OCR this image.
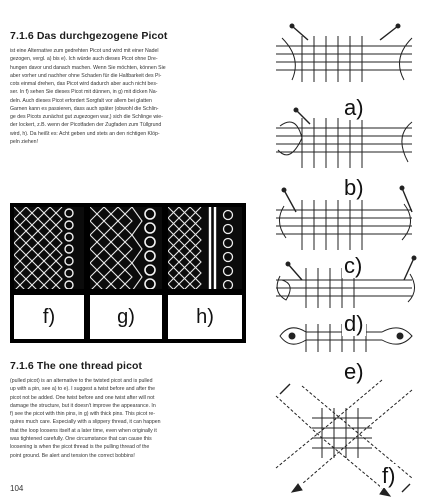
7.1.6 Das durchgezogene Picot
ist eine Alternative zum gedrehten Picot und wird mit einer Nadel
gezogen, vergl. a) bis e). Ich würde auch dieses Picot ohne Dre-
hungen davor und danach machen. Wenn Sie möchten, können Sie
aber vorher und nachher ohne Schaden für die Haltbarkeit des Pi-
cots einmal drehen, das Picot wird dadurch aber auch nicht bes-
ser. In f) sehen Sie dieses Picot mit dünnen, in g) mit dicken Na-
deln. Auch dieses Picot erfordert Sorgfalt vor allem bei glatten
Garnen kann es passieren, dass auch später (obwohl die Schlin-
ge des Picots zunächst gut zugezogen war,) sich die Schlinge wie-
der lockert, z.B. wenn der Picotfaden der Zugfaden zum Tüllgrund
wird, h). Da heißt es: Acht geben und stets an den richtigen Klöp-
peln ziehen!
f)	g)	h)
7.1.6 The one thread picot
(pulled picot) is an alternative to the twisted picot and is pulled
up with a pin, see a) to e). I suggest a twist before and after the
picot not be added. One twist before and one twist after will not
damage the structure, but it doesn't improve the appearance. In
f) see the picot with thin pins, in g) with thick pins. This picot re-
quires much care. Especially with a slippery thread, it can happen
that the loop loosens itself at a later time, even when originally it
was tightened carefully. One circumstance that can cause this
loosening is when the picot thread is the pulling thread of the
point ground. Be alert and tension the correct bobbins!
104
a)
b)
c)
d)
e)
f)
